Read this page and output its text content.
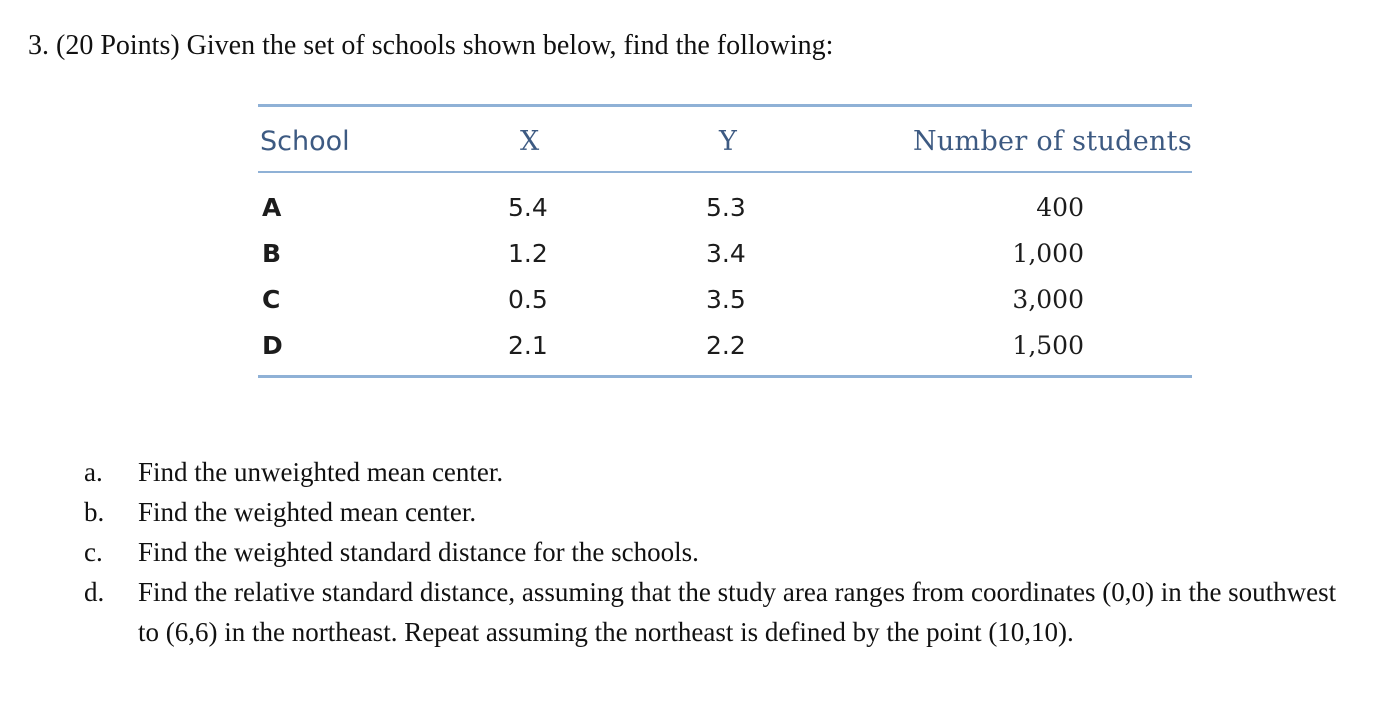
3. (20 Points) Given the set of schools shown below, find the following:
School	X	Y	Number of students
A	5.4	5.3	400
B	1.2	3.4	1,000
C	0.5	3.5	3,000
D	2.1	2.2	1,500
a. Find the unweighted mean center.
b. Find the weighted mean center.
c. Find the weighted standard distance for the schools.
d. Find the relative standard distance, assuming that the study area ranges from coordinates (0,0) in the southwest to (6,6) in the northeast. Repeat assuming the northeast is defined by the point (10,10).
